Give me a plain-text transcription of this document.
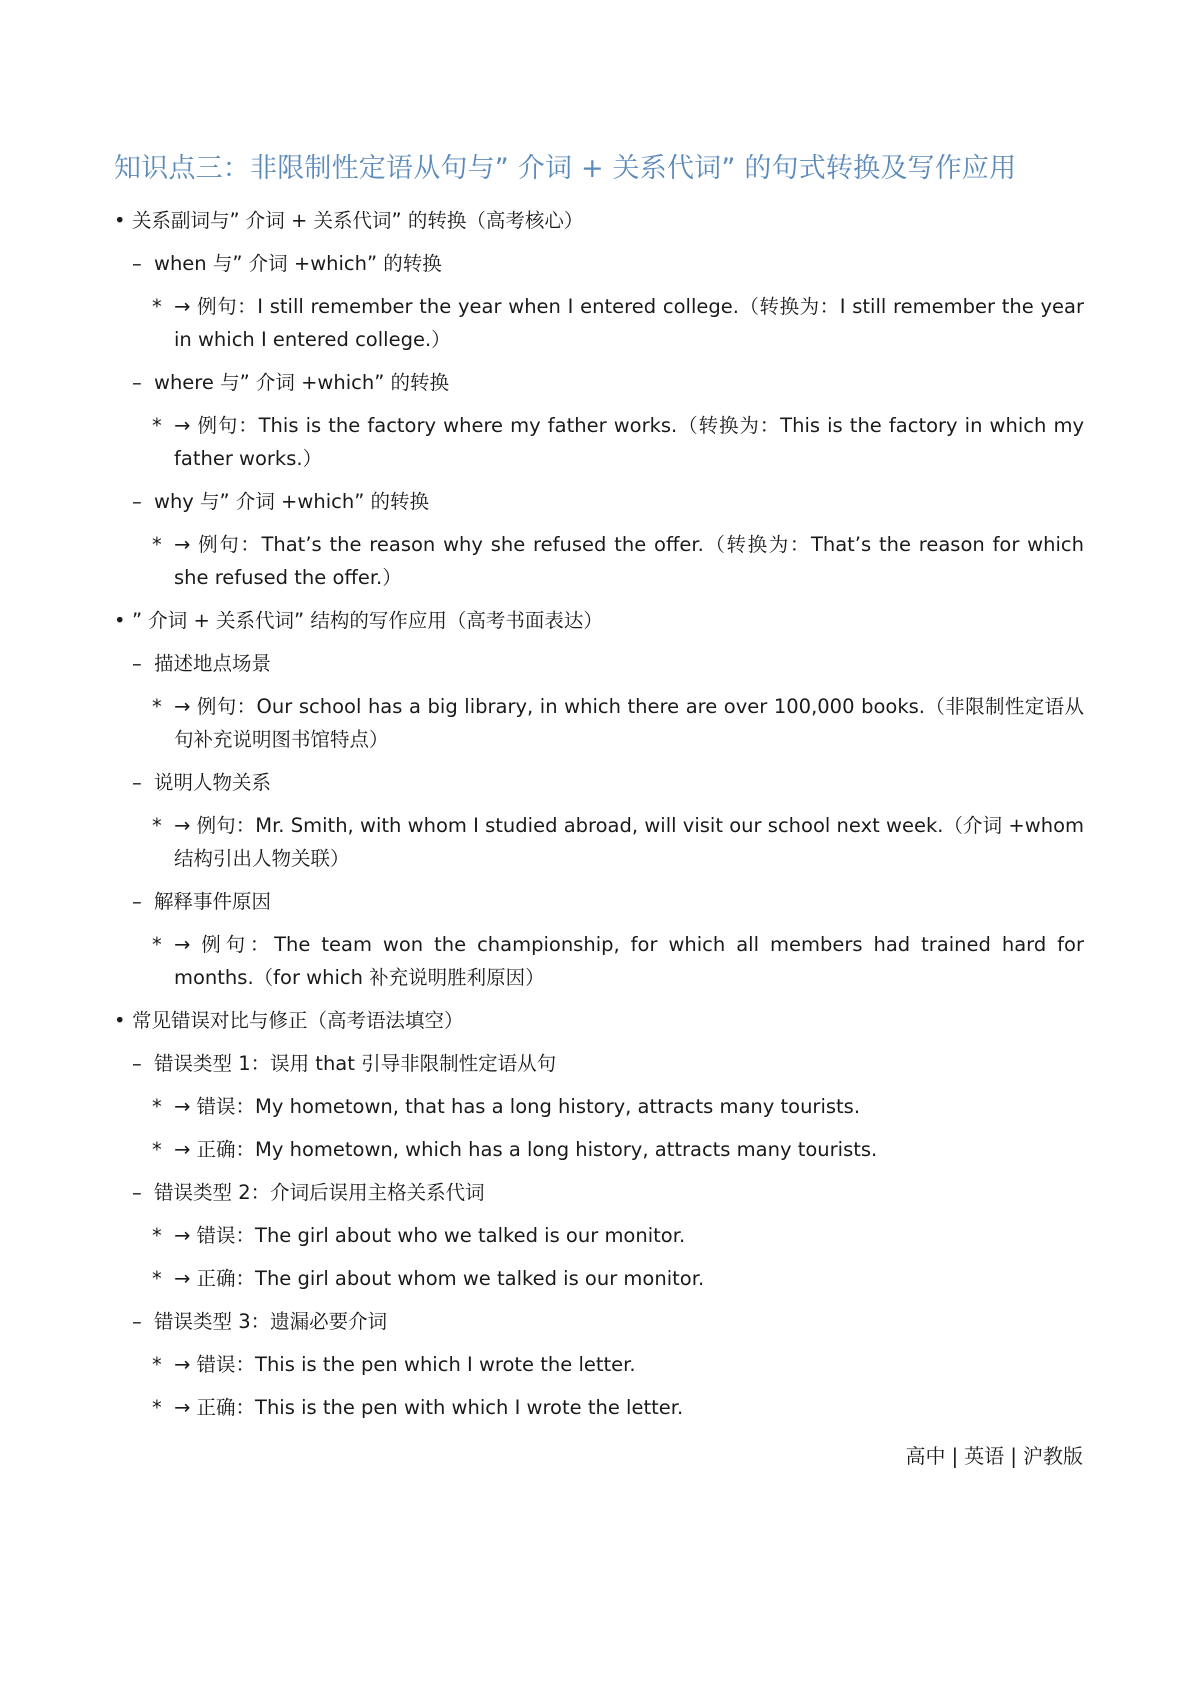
知识点三：非限制性定语从句与” 介词 + 关系代词” 的句式转换及写作应用
• 关系副词与” 介词 + 关系代词” 的转换（高考核心）
– when 与” 介词 +which” 的转换
* → 例句：I still remember the year when I entered college.（转换为：I still remember the year in which I entered college.）
– where 与” 介词 +which” 的转换
* → 例句：This is the factory where my father works.（转换为：This is the factory in which my father works.）
– why 与” 介词 +which” 的转换
* → 例句：That’s the reason why she refused the offer.（转换为：That’s the reason for which she refused the offer.）
• ” 介词 + 关系代词” 结构的写作应用（高考书面表达）
– 描述地点场景
* → 例句：Our school has a big library, in which there are over 100,000 books.（非限制性定语从句补充说明图书馆特点）
– 说明人物关系
* → 例句：Mr. Smith, with whom I studied abroad, will visit our school next week.（介词 +whom 结构引出人物关联）
– 解释事件原因
* → 例句：The team won the championship, for which all members had trained hard for months.（for which 补充说明胜利原因）
• 常见错误对比与修正（高考语法填空）
– 错误类型 1：误用 that 引导非限制性定语从句
* → 错误：My hometown, that has a long history, attracts many tourists.
* → 正确：My hometown, which has a long history, attracts many tourists.
– 错误类型 2：介词后误用主格关系代词
* → 错误：The girl about who we talked is our monitor.
* → 正确：The girl about whom we talked is our monitor.
– 错误类型 3：遗漏必要介词
* → 错误：This is the pen which I wrote the letter.
* → 正确：This is the pen with which I wrote the letter.
高中 | 英语 | 沪教版
